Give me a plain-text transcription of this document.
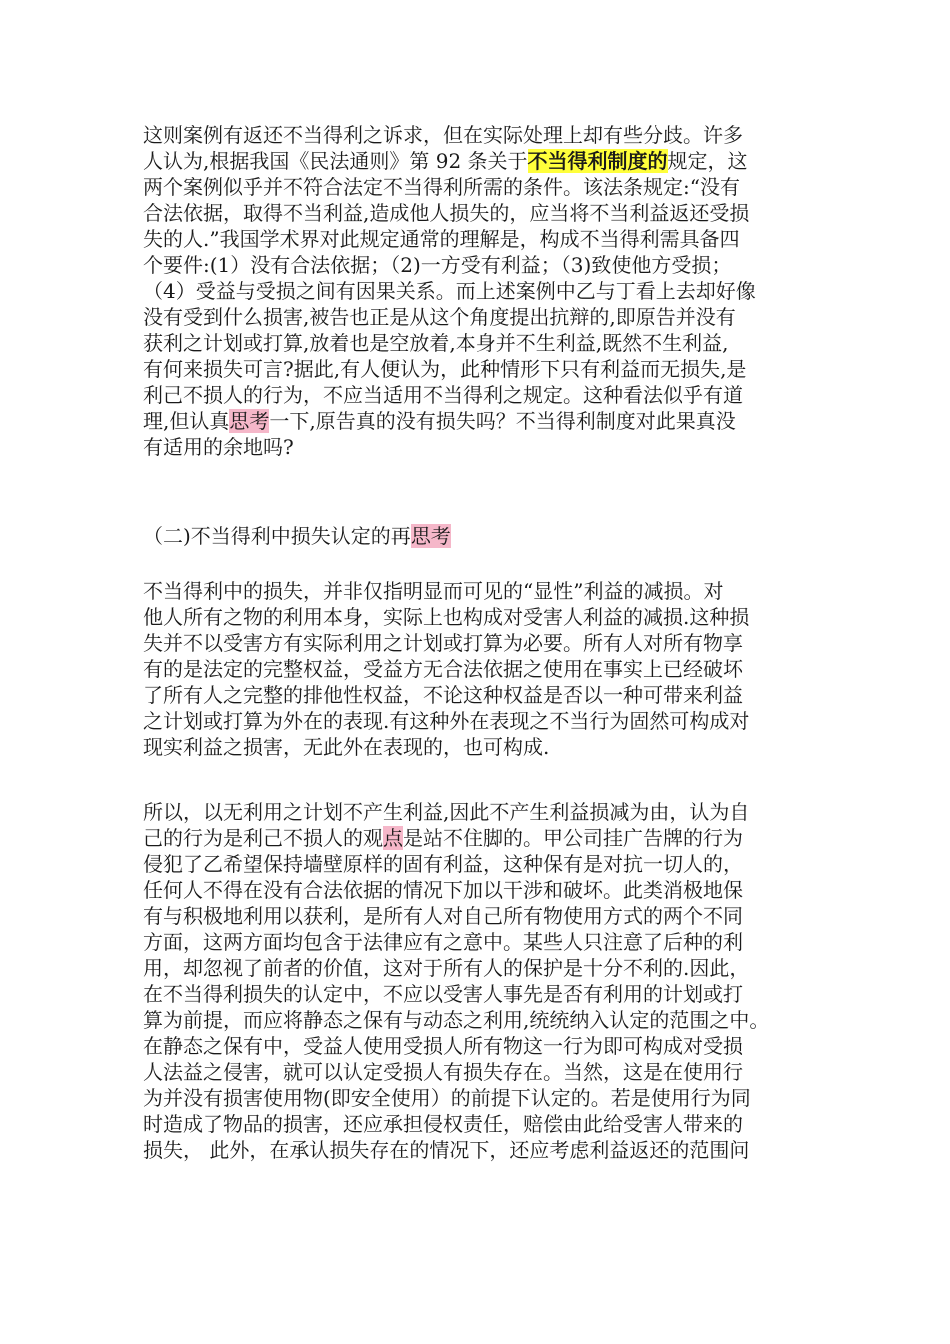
这则案例有返还不当得利之诉求，但在实际处理上却有些分歧。许多
人认为,根据我国《民法通则》第 92 条关于不当得利制度的规定，这
两个案例似乎并不符合法定不当得利所需的条件。该法条规定:“没有
合法依据，取得不当利益,造成他人损失的，应当将不当利益返还受损
失的人.”我国学术界对此规定通常的理解是，构成不当得利需具备四
个要件:(1）没有合法依据；（2)一方受有利益；（3)致使他方受损；
（4）受益与受损之间有因果关系。而上述案例中乙与丁看上去却好像
没有受到什么损害,被告也正是从这个角度提出抗辩的,即原告并没有
获利之计划或打算,放着也是空放着,本身并不生利益,既然不生利益,
有何来损失可言?据此,有人便认为，此种情形下只有利益而无损失,是
利己不损人的行为，不应当适用不当得利之规定。这种看法似乎有道
理,但认真思考一下,原告真的没有损失吗？不当得利制度对此果真没
有适用的余地吗?
（二)不当得利中损失认定的再思考
不当得利中的损失，并非仅指明显而可见的“显性”利益的减损。对
他人所有之物的利用本身，实际上也构成对受害人利益的减损.这种损
失并不以受害方有实际利用之计划或打算为必要。所有人对所有物享
有的是法定的完整权益，受益方无合法依据之使用在事实上已经破坏
了所有人之完整的排他性权益，不论这种权益是否以一种可带来利益
之计划或打算为外在的表现.有这种外在表现之不当行为固然可构成对
现实利益之损害，无此外在表现的，也可构成.
所以，以无利用之计划不产生利益,因此不产生利益损减为由，认为自
己的行为是利己不损人的观点是站不住脚的。甲公司挂广告牌的行为
侵犯了乙希望保持墙壁原样的固有利益，这种保有是对抗一切人的，
任何人不得在没有合法依据的情况下加以干涉和破坏。此类消极地保
有与积极地利用以获利，是所有人对自己所有物使用方式的两个不同
方面，这两方面均包含于法律应有之意中。某些人只注意了后种的利
用，却忽视了前者的价值，这对于所有人的保护是十分不利的.因此，
在不当得利损失的认定中，不应以受害人事先是否有利用的计划或打
算为前提，而应将静态之保有与动态之利用,统统纳入认定的范围之中。
在静态之保有中，受益人使用受损人所有物这一行为即可构成对受损
人法益之侵害，就可以认定受损人有损失存在。当然，这是在使用行
为并没有损害使用物(即安全使用）的前提下认定的。若是使用行为同
时造成了物品的损害，还应承担侵权责任，赔偿由此给受害人带来的
损失， 此外，在承认损失存在的情况下，还应考虑利益返还的范围问
